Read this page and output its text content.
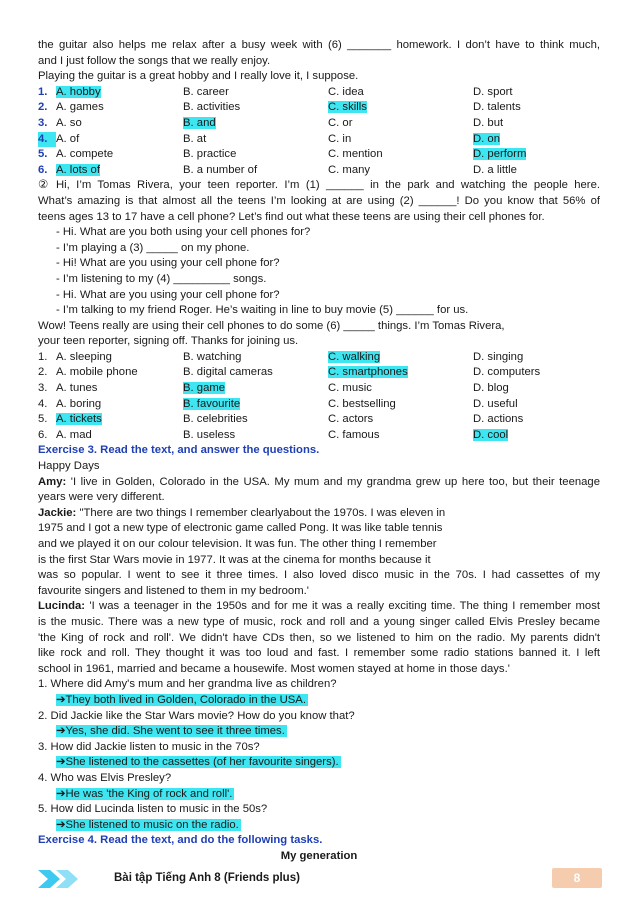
the guitar also helps me relax after a busy week with (6) _______ homework. I don’t have to think much,
and I just follow the songs that we really enjoy.
Playing the guitar is a great hobby and I really love it, I suppose.
1. A. hobby	B. career	C. idea	D. sport
2. A. games	B. activities	C. skills	D. talents
3. A. so	B. and	C. or	D. but
4. A. of	B. at	C. in	D. on
5. A. compete	B. practice	C. mention	D. perform
6. A. lots of	B. a number of	C. many	D. a little
② Hi, I’m Tomas Rivera, your teen reporter. I’m (1) ______ in the park and watching the people here.
What’s amazing is that almost all the teens I’m looking at are using (2) ______! Do you know that 56% of
teens ages 13 to 17 have a cell phone? Let’s find out what these teens are using their cell phones for.
- Hi. What are you both using your cell phones for?
- I’m playing a (3) _____ on my phone.
- Hi! What are you using your cell phone for?
- I’m listening to my (4) _________ songs.
- Hi. What are you using your cell phone for?
- I’m talking to my friend Roger. He’s waiting in line to buy movie (5) ______ for us.
Wow! Teens really are using their cell phones to do some (6) _____ things. I’m Tomas Rivera,
your teen reporter, signing off. Thanks for joining us.
1. A. sleeping	B. watching	C. walking	D. singing
2. A. mobile phone	B. digital cameras	C. smartphones	D. computers
3. A. tunes	B. game	C. music	D. blog
4. A. boring	B. favourite	C. bestselling	D. useful
5. A. tickets	B. celebrities	C. actors	D. actions
6. A. mad	B. useless	C. famous	D. cool
Exercise 3. Read the text, and answer the questions.
Happy Days
Amy: 'I live in Golden, Colorado in the USA. My mum and my grandma grew up here too, but their teenage
years were very different.
Jackie: "There are two things I remember clearlyabout the 1970s. I was eleven in
1975 and I got a new type of electronic game called Pong. It was like table tennis
and we played it on our colour television. It was fun. The other thing I remember
is the first Star Wars movie in 1977. It was at the cinema for months because it
was so popular. I went to see it three times. I also loved disco music in the 70s. I had cassettes of my
favourite singers and listened to them in my bedroom.'
Lucinda: 'I was a teenager in the 1950s and for me it was a really exciting time. The thing I remember most
is the music. There was a new type of music, rock and roll and a young singer called Elvis Presley became
'the King of rock and roll'. We didn't have CDs then, so we listened to him on the radio. My parents didn't
like rock and roll. They thought it was too loud and fast. I remember some radio stations banned it. I left
school in 1961, married and became a housewife. Most women stayed at home in those days.'
1. Where did Amy's mum and her grandma live as children?
➔They both lived in Golden, Colorado in the USA.
2. Did Jackie like the Star Wars movie? How do you know that?
➔Yes, she did. She went to see it three times.
3. How did Jackie listen to music in the 70s?
➔She listened to the cassettes (of her favourite singers).
4. Who was Elvis Presley?
➔He was 'the King of rock and roll'.
5. How did Lucinda listen to music in the 50s?
➔She listened to music on the radio.
Exercise 4. Read the text, and do the following tasks.
My generation
Bài tập Tiếng Anh 8 (Friends plus)	8
